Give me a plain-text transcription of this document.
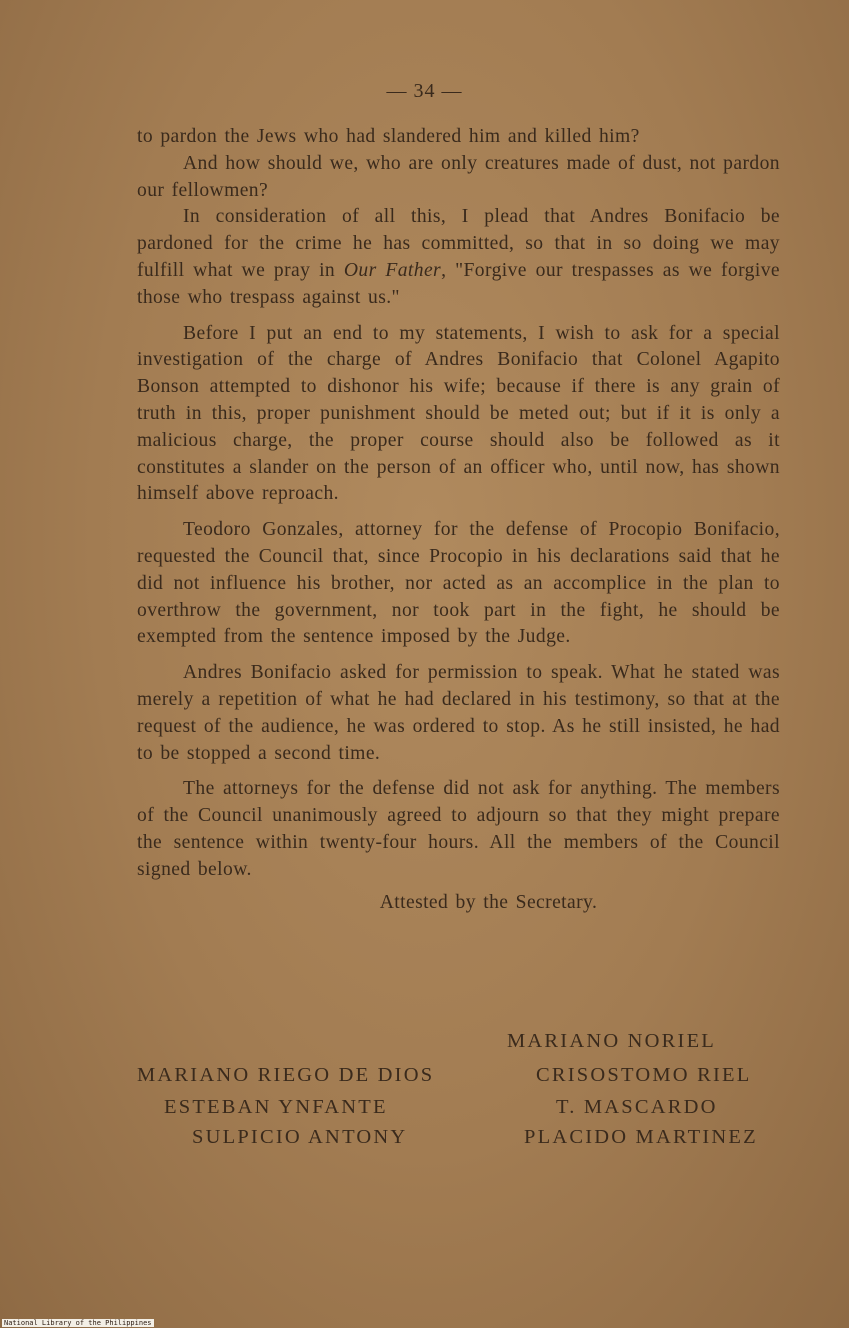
— 34 —

to pardon the Jews who had slandered him and killed him?

And how should we, who are only creatures made of dust, not pardon our fellowmen?

In consideration of all this, I plead that Andres Bonifacio be pardoned for the crime he has committed, so that in so doing we may fulfill what we pray in Our Father, "Forgive our trespasses as we forgive those who trespass against us."

Before I put an end to my statements, I wish to ask for a special investigation of the charge of Andres Bonifacio that Colonel Agapito Bonson attempted to dishonor his wife; because if there is any grain of truth in this, proper punishment should be meted out; but if it is only a malicious charge, the proper course should also be followed as it constitutes a slander on the person of an officer who, until now, has shown himself above reproach.

Teodoro Gonzales, attorney for the defense of Procopio Bonifacio, requested the Council that, since Procopio in his declarations said that he did not influence his brother, nor acted as an accomplice in the plan to overthrow the government, nor took part in the fight, he should be exempted from the sentence imposed by the Judge.

Andres Bonifacio asked for permission to speak. What he stated was merely a repetition of what he had declared in his testimony, so that at the request of the audience, he was ordered to stop. As he still insisted, he had to be stopped a second time.

The attorneys for the defense did not ask for anything. The members of the Council unanimously agreed to adjourn so that they might prepare the sentence within twenty-four hours. All the members of the Council signed below.

Attested by the Secretary.

MARIANO NORIEL
MARIANO RIEGO DE DIOS
ESTEBAN YNFANTE
SULPICIO ANTONY
CRISOSTOMO RIEL
T. MASCARDO
PLACIDO MARTINEZ
National Library of the Philippines
